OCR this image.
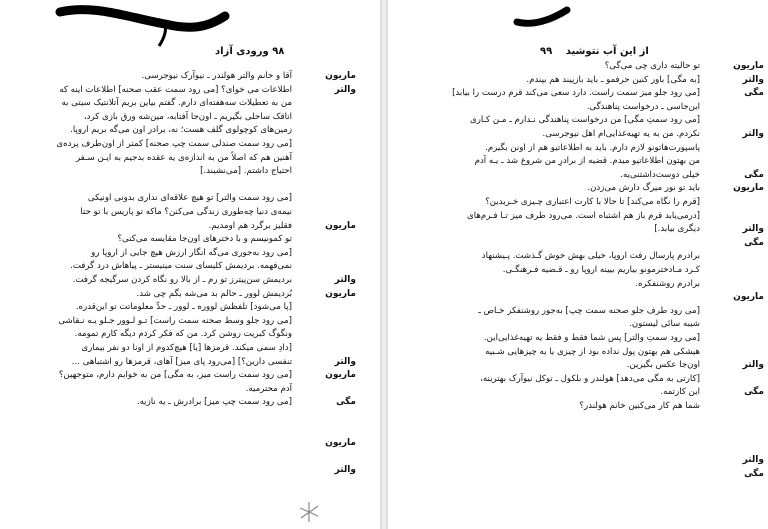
۹۸ ورودی آزاد
آقا و خانم والتر هولندر ـ نیوآرک نیوجرسی.
اطلاعات می خوای؟ [می رود سمت عقب صحنه] اطلاعات اینه که
من به تعطیلات سه‌هفته‌ای دارم. گفتم بیاین بریم آتلانتیک سیتی به
اتاقک ساحلی بگیریم ـ اون‌جا آفتابه، مین‌شه ورق بازی کرد،
زمین‌های کوچولوی گلف هست؛ نه، برادر اون می‌گه بریم اروپا.
[می رود سمت صندلی سمت چپ صحنه] کمتر از اون‌طرف پرده‌ی
آهنین هم که اصلاً من به اندازه‌ی یه عقده بدجیم به ایـن سـفر
احتیاج داشتم. [می‌نشیند.]
[می رود سمت والتر] تو هیچ علاقه‌ای نداری بدونی اونیکی
نیمه‌ی دنیا چه‌طوری زندگی می‌کنن؟ ماکه تو پاریس با تو حتا
فقلیز برگرد هم اومدیم.
تو کمونیسم و با دخترهای اون‌جا مقایسه می‌کنی؟
[می رود به‌جوری می‌گه انگار ارزش هیچ جایی از اروپا رو
نمی‌فهمه. بردیمش کلیسای سنت میتیستر ـ پیاهاش درد گرفت.
بردیمش سن‌پیترز تو رم ـ از بالا رو نگاه کردن سرگیجه گرفت.
بُردیمش لوور ـ حالم بد می‌شه بگم چی شد.
[پا می‌شود] تلفظش لووره ـ لوور ـ حدِّ معلوماتت تو این‌قدره.
[می رود جلو وسط صحنه سمت راست] تـو لـوور جـلو یـه نـقاشی
ونگوگ کبریت روشن کرد. من که فکر کردم دیگه کارم تمومه.
[دادِ سمی میکند. قرمزها [یا] هیچ‌کدوم از اونا دو نفر بیماری
تنفسی دارین؟] [می‌رود پای میز] آهای، قرمزها رو اشتباهی ...
[می رود سمت راست میز، به مگی] من به خوابم دارم، متوجهین؟
آدم محترمیه.
[می رود سمت چپ میز] برادرش ـ یه نازیه.
ماریون
والتر
ماریون
والتر
ماریون
والتر
ماریون
مگی
ماریون
والتر
از این آب نتوشید ۹۹
تو حالیته داری چی می‌گی؟
[به مگی] باور کنین حرفمو ـ باید بازپیند هم بپندم.
[می رود جلو میز سمت راست. دارد سعی می‌کند قرم درست را بیابد]
این‌جاسی ـ درخواست پناهندگی.
[می رود سمتِ مگی] من درخواست پناهندگی نـدارم ـ مـن کـاری
نکردم. من به یه تهیه‌غذایی‌ام اهل نیوجرسی.
پاسپورت‌هاتونو لازم دارم. باید به اطلاعاتیو هم از اونن بگیرم.
من بهتون اطلاعاتیو میدم. قضیه از برادرِ من شروع شد ـ یـه آدم
خیلی دوست‌داشتنی‌یه.
باید تو نور میرگ دارش می‌زدن.
[قرم را نگاه می‌کند] تا حالا با کارت اعتباری چـیزی خـریدین؟
[درمی‌یابد قرم باز هم اشتباه است. می‌رود طرف میز تـا فـرم‌های
دیگری بیابد.]
برادرم پارسال رفت اروپا، خیلی بهش خوش گـذشت. پـیشنهاد
کـرد مـادخترمونو بیاریم بیینه اروپا رو ـ قـضیه فـرهنگـی.
برادرم روشنفکره.
[می رود طرف جلو صحنه سمت چپ] به‌جور روشنفکر خـاص ـ
شیبه سائی لیستون.
[می رود سمتِ والتر] پس شما فقط و فقط یه تهیه‌غذایی‌این.
هیشکی هم بهتون پول نداده بود از چیزی یا یه چیزهایی شـبیه
اون‌جا عکس بگیرین.
[کارتی به مگی می‌دهد] هولندر و بلکول ـ توکل نیوآرک بهترینه،
این کارتمه.
شما هم کار می‌کنین خانم هولندر؟
ماریون
والتر
مگی
والتر
مگی
ماریون
والتر
مگی
ماریون
والتر
مگی
والتر
مگی
